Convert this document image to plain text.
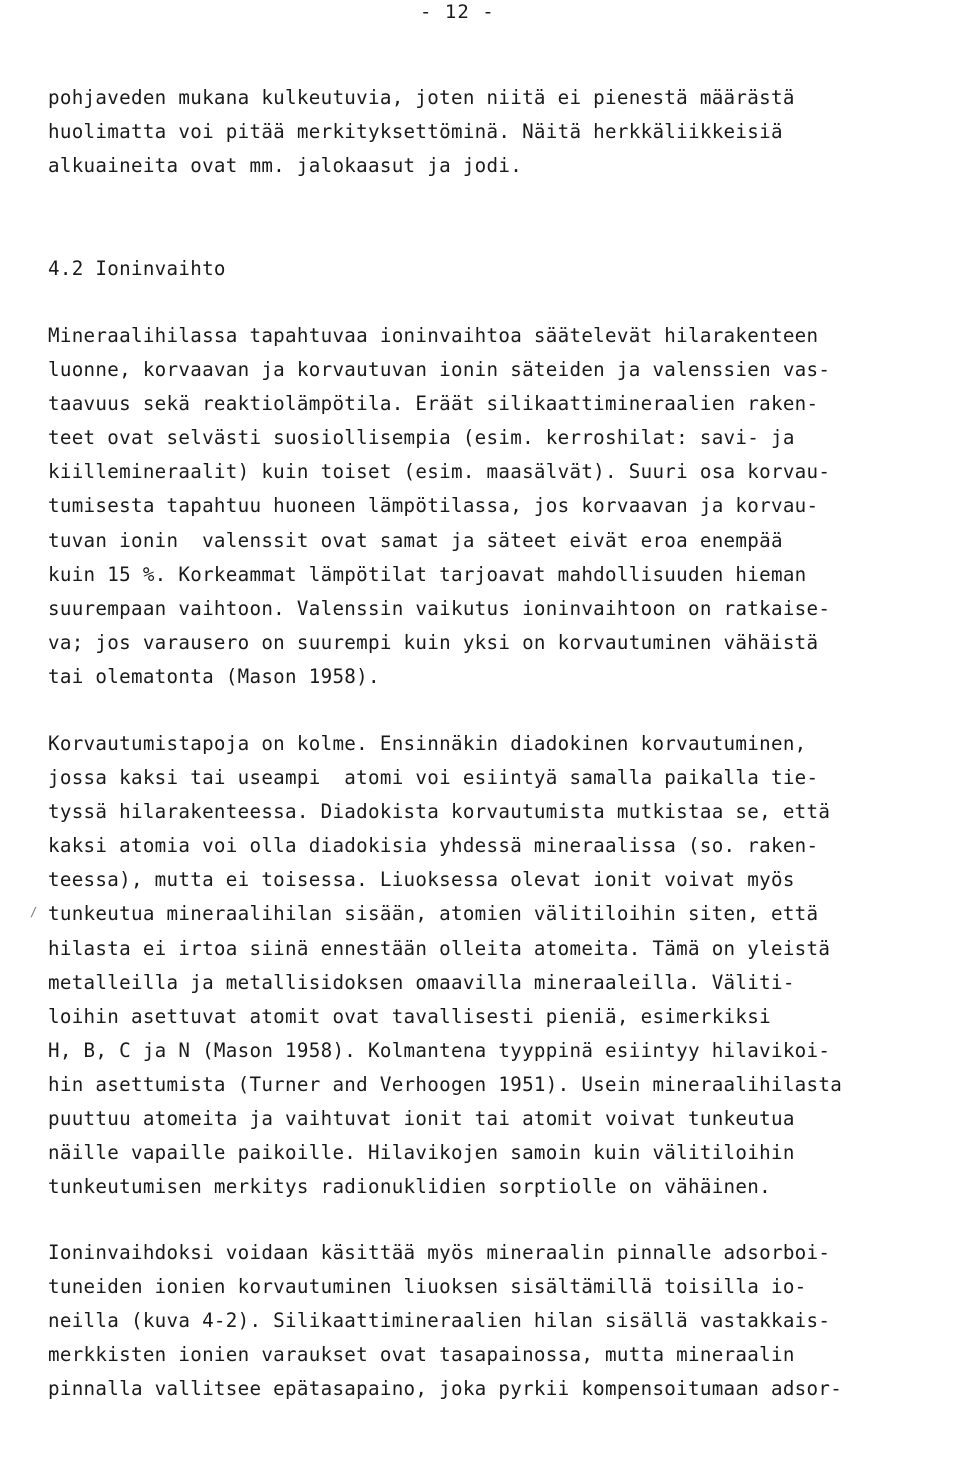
- 12 -
pohjaveden mukana kulkeutuvia, joten niitä ei pienestä määrästä
huolimatta voi pitää merkityksettöminä. Näitä herkkäliikkeisiä
alkuaineita ovat mm. jalokaasut ja jodi.
4.2 Ioninvaihto
Mineraalihilassa tapahtuvaa ioninvaihtoa säätelevät hilarakenteen
luonne, korvaavan ja korvautuvan ionin säteiden ja valenssien vas-
taavuus sekä reaktiolämpötila. Eräät silikaattimineraalien raken-
teet ovat selvästi suosiollisempia (esim. kerroshilat: savi- ja
kiillemineraalit) kuin toiset (esim. maasälvät). Suuri osa korvau-
tumisesta tapahtuu huoneen lämpötilassa, jos korvaavan ja korvau-
tuvan ionin  valenssit ovat samat ja säteet eivät eroa enempää
kuin 15 %. Korkeammat lämpötilat tarjoavat mahdollisuuden hieman
suurempaan vaihtoon. Valenssin vaikutus ioninvaihtoon on ratkaise-
va; jos varausero on suurempi kuin yksi on korvautuminen vähäistä
tai olematonta (Mason 1958).
Korvautumistapoja on kolme. Ensinnäkin diadokinen korvautuminen,
jossa kaksi tai useampi  atomi voi esiintyä samalla paikalla tie-
tyssä hilarakenteessa. Diadokista korvautumista mutkistaa se, että
kaksi atomia voi olla diadokisia yhdessä mineraalissa (so. raken-
teessa), mutta ei toisessa. Liuoksessa olevat ionit voivat myös
tunkeutua mineraalihilan sisään, atomien välitiloihin siten, että
hilasta ei irtoa siinä ennestään olleita atomeita. Tämä on yleistä
metalleilla ja metallisidoksen omaavilla mineraaleilla. Väliti-
loihin asettuvat atomit ovat tavallisesti pieniä, esimerkiksi
H, B, C ja N (Mason 1958). Kolmantena tyyppinä esiintyy hilavikoi-
hin asettumista (Turner and Verhoogen 1951). Usein mineraalihilasta
puuttuu atomeita ja vaihtuvat ionit tai atomit voivat tunkeutua
näille vapaille paikoille. Hilavikojen samoin kuin välitiloihin
tunkeutumisen merkitys radionuklidien sorptiolle on vähäinen.
Ioninvaihdoksi voidaan käsittää myös mineraalin pinnalle adsorboi-
tuneiden ionien korvautuminen liuoksen sisältämillä toisilla io-
neilla (kuva 4-2). Silikaattimineraalien hilan sisällä vastakkais-
merkkisten ionien varaukset ovat tasapainossa, mutta mineraalin
pinnalla vallitsee epätasapaino, joka pyrkii kompensoitumaan adsor-
/
